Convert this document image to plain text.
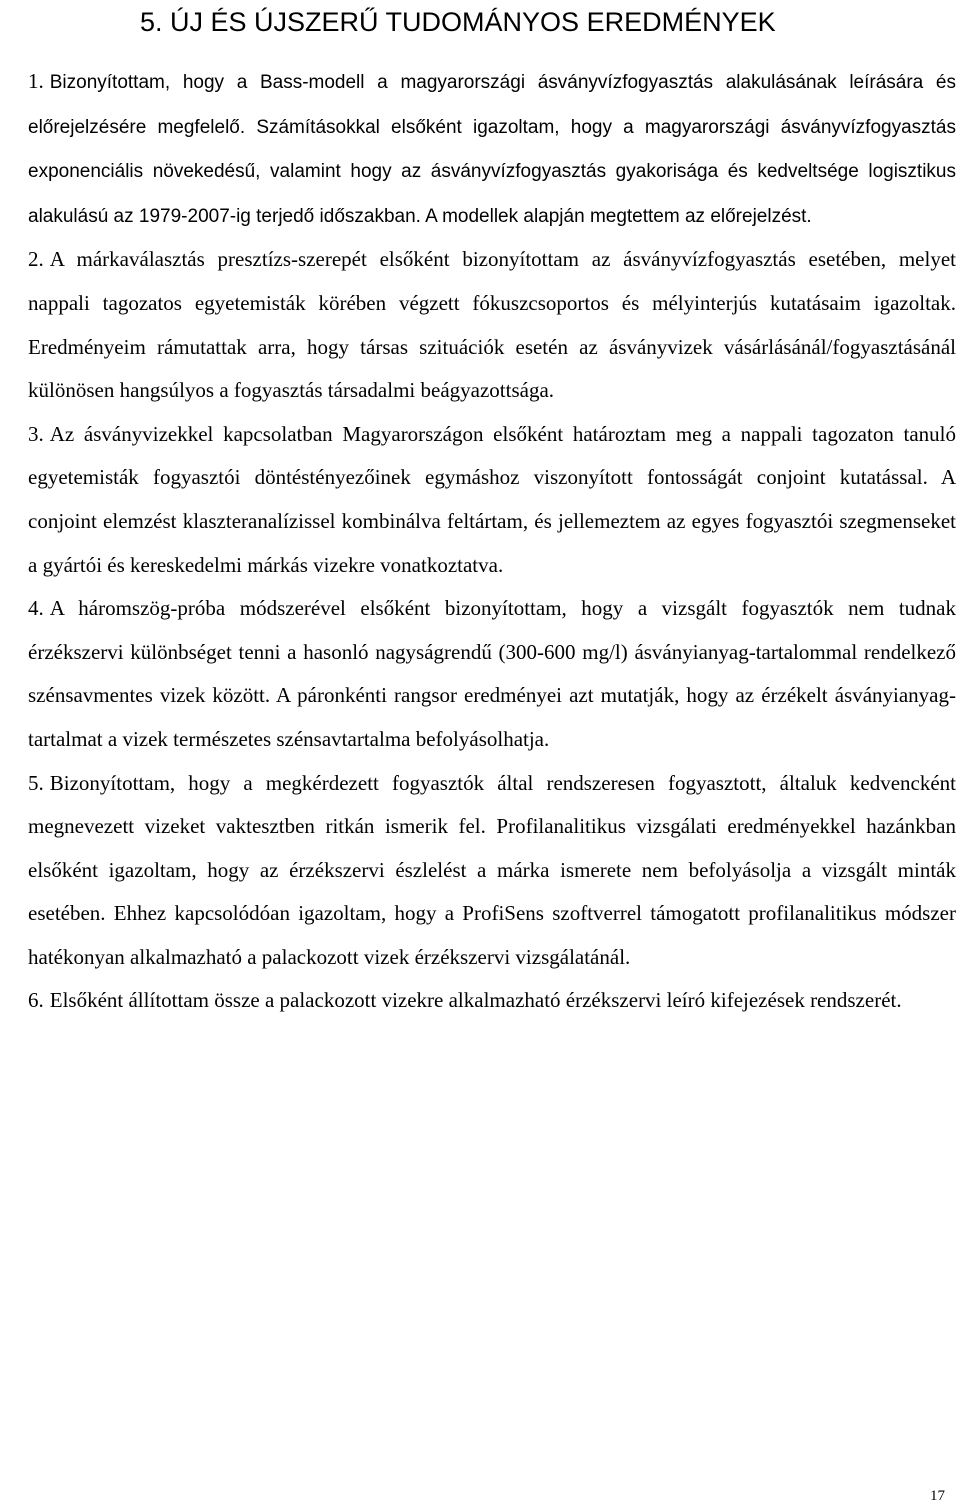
5. ÚJ ÉS ÚJSZERŰ TUDOMÁNYOS EREDMÉNYEK

1. Bizonyítottam, hogy a Bass-modell a magyarországi ásványvízfogyasztás alakulásának leírására és előrejelzésére megfelelő. Számításokkal elsőként igazoltam, hogy a magyarországi ásványvízfogyasztás exponenciális növekedésű, valamint hogy az ásványvízfogyasztás gyakorisága és kedveltsége logisztikus alakulású az 1979-2007-ig terjedő időszakban. A modellek alapján megtettem az előrejelzést.

2. A márkaválasztás presztízs-szerepét elsőként bizonyítottam az ásványvízfogyasztás esetében, melyet nappali tagozatos egyetemisták körében végzett fókuszcsoportos és mélyinterjús kutatásaim igazoltak. Eredményeim rámutattak arra, hogy társas szituációk esetén az ásványvizek vásárlásánál/fogyasztásánál különösen hangsúlyos a fogyasztás társadalmi beágyazottsága.

3. Az ásványvizekkel kapcsolatban Magyarországon elsőként határoztam meg a nappali tagozaton tanuló egyetemisták fogyasztói döntéstényezőinek egymáshoz viszonyított fontosságát conjoint kutatással. A conjoint elemzést klaszteranalízissel kombinálva feltártam, és jellemeztem az egyes fogyasztói szegmenseket a gyártói és kereskedelmi márkás vizekre vonatkoztatva.

4. A háromszög-próba módszerével elsőként bizonyítottam, hogy a vizsgált fogyasztók nem tudnak érzékszervi különbséget tenni a hasonló nagyságrendű (300-600 mg/l) ásványianyag-tartalommal rendelkező szénsavmentes vizek között. A páronkénti rangsor eredményei azt mutatják, hogy az érzékelt ásványianyag-tartalmat a vizek természetes szénsavtartalma befolyásolhatja.

5. Bizonyítottam, hogy a megkérdezett fogyasztók által rendszeresen fogyasztott, általuk kedvencként megnevezett vizeket vaktesztben ritkán ismerik fel. Profilanalitikus vizsgálati eredményekkel hazánkban elsőként igazoltam, hogy az érzékszervi észlelést a márka ismerete nem befolyásolja a vizsgált minták esetében. Ehhez kapcsolódóan igazoltam, hogy a ProfiSens szoftverrel támogatott profilanalitikus módszer hatékonyan alkalmazható a palackozott vizek érzékszervi vizsgálatánál.

6. Elsőként állítottam össze a palackozott vizekre alkalmazható érzékszervi leíró kifejezések rendszerét.

17
